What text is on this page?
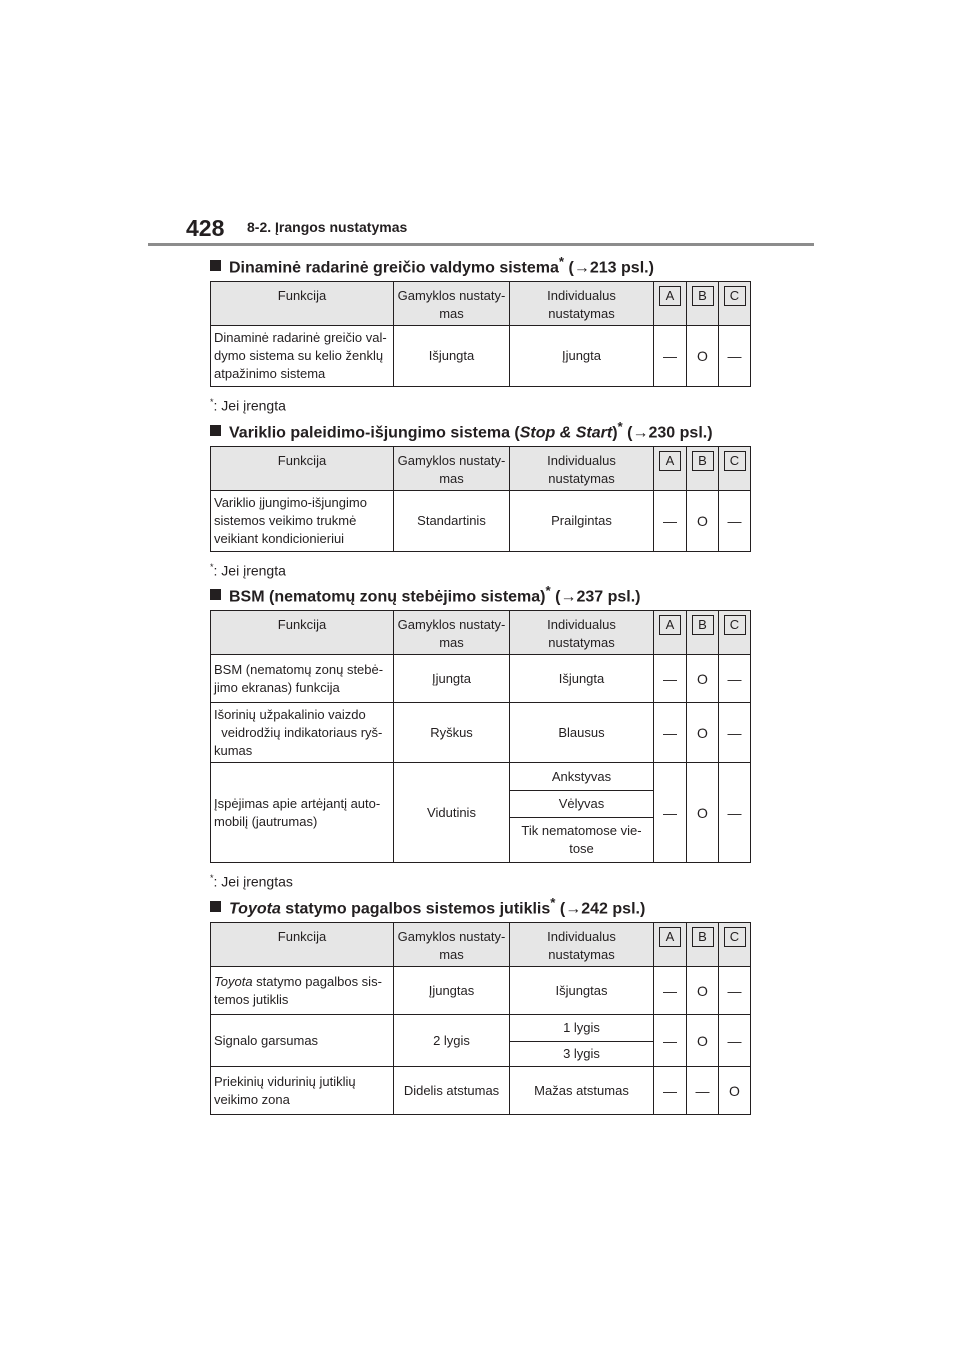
428 8-2. Įrangos nustatymas
Dinaminė radarinė greičio valdymo sistema* (→213 psl.)
Funkcija	Gamyklos nustaty-
mas	Individualus nustatymas	A	B	C
Dinaminė radarinė greičio val-
dymo sistema su kelio ženklų
atpažinimo sistema	Išjungta	Įjungta	—	O	—
*: Jei įrengta
Variklio paleidimo-išjungimo sistema (Stop & Start)* (→230 psl.)
Funkcija	Gamyklos nustaty-
mas	Individualus nustatymas	A	B	C
Variklio įjungimo-išjungimo
sistemos veikimo trukmė
veikiant kondicionieriui	Standartinis	Prailgintas	—	O	—
*: Jei įrengta
BSM (nematomų zonų stebėjimo sistema)* (→237 psl.)
Funkcija	Gamyklos nustaty-
mas	Individualus nustatymas	A	B	C
BSM (nematomų zonų stebė-
jimo ekranas) funkcija	Įjungta	Išjungta	—	O	—
Išorinių užpakalinio vaizdo
veidrodžių indikatoriaus ryš-
kumas	Ryškus	Blausus	—	O	—
Įspėjimas apie artėjantį auto-
mobilį (jautrumas)	Vidutinis	Ankstyvas	—	O	—
		Vėlyvas			
		Tik nematomose vie-
tose			
*: Jei įrengtas
Toyota statymo pagalbos sistemos jutiklis* (→242 psl.)
Funkcija	Gamyklos nustaty-
mas	Individualus nustatymas	A	B	C
Toyota statymo pagalbos sis-
temos jutiklis	Įjungtas	Išjungtas	—	O	—
Signalo garsumas	2 lygis	1 lygis	—	O	—
		3 lygis			
Priekinių vidurinių jutiklių
veikimo zona	Didelis atstumas	Mažas atstumas	—	—	O
